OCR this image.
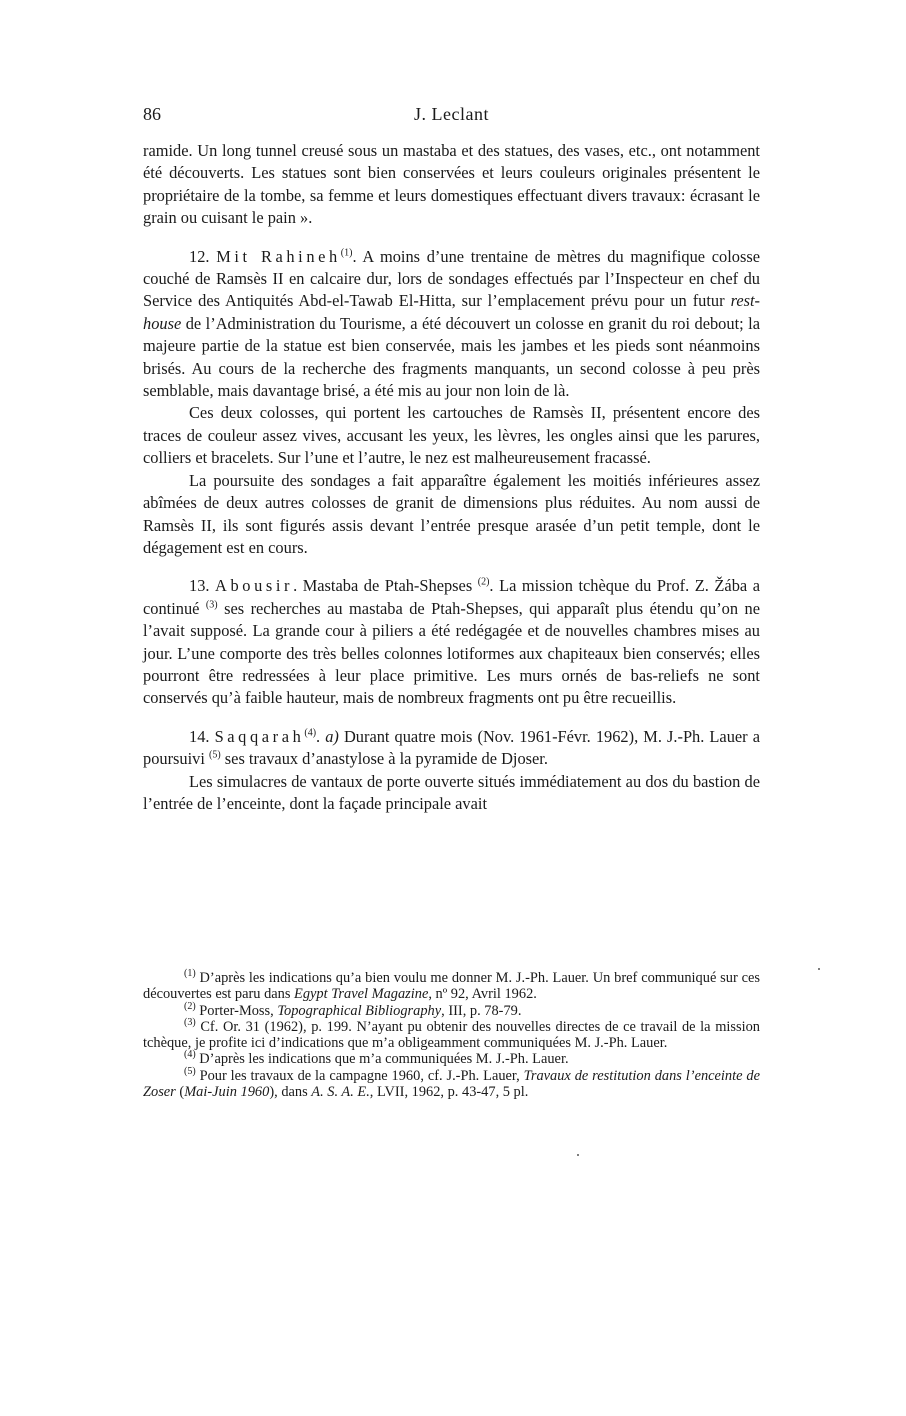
86	J. Leclant

ramide. Un long tunnel creusé sous un mastaba et des statues, des vases, etc., ont notamment été découverts. Les statues sont bien conservées et leurs couleurs originales présentent le propriétaire de la tombe, sa femme et leurs domestiques effectuant divers travaux: écrasant le grain ou cuisant le pain ».

12. Mit Rahineh$^{(1)}$. A moins d’une trentaine de mètres du magnifique colosse couché de Ramsès II en calcaire dur, lors de sondages effectués par l’Inspecteur en chef du Service des Antiquités Abd-el-Tawab El-Hitta, sur l’emplacement prévu pour un futur rest-house de l’Administration du Tourisme, a été découvert un colosse en granit du roi debout; la majeure partie de la statue est bien conservée, mais les jambes et les pieds sont néanmoins brisés. Au cours de la recherche des fragments manquants, un second colosse à peu près semblable, mais davantage brisé, a été mis au jour non loin de là.

Ces deux colosses, qui portent les cartouches de Ramsès II, présentent encore des traces de couleur assez vives, accusant les yeux, les lèvres, les ongles ainsi que les parures, colliers et bracelets. Sur l’une et l’autre, le nez est malheureusement fracassé.

La poursuite des sondages a fait apparaître également les moitiés inférieures assez abîmées de deux autres colosses de granit de dimensions plus réduites. Au nom aussi de Ramsès II, ils sont figurés assis devant l’entrée presque arasée d’un petit temple, dont le dégagement est en cours.

13. Abousir. Mastaba de Ptah-Shepses $^{(2)}$. La mission tchèque du Prof. Z. Žába a continué $^{(3)}$ ses recherches au mastaba de Ptah-Shepses, qui apparaît plus étendu qu’on ne l’avait supposé. La grande cour à piliers a été redégagée et de nouvelles chambres mises au jour. L’une comporte des très belles colonnes lotiformes aux chapiteaux bien conservés; elles pourront être redressées à leur place primitive. Les murs ornés de bas-reliefs ne sont conservés qu’à faible hauteur, mais de nombreux fragments ont pu être recueillis.

14. Saqqarah$^{(4)}$. a) Durant quatre mois (Nov. 1961-Févr. 1962), M. J.-Ph. Lauer a poursuivi $^{(5)}$ ses travaux d’anastylose à la pyramide de Djoser.

Les simulacres de vantaux de porte ouverte situés immédiatement au dos du bastion de l’entrée de l’enceinte, dont la façade principale avait

$^{(1)}$ D’après les indications qu’a bien voulu me donner M. J.-Ph. Lauer. Un bref communiqué sur ces découvertes est paru dans Egypt Travel Magazine, nº 92, Avril 1962.

$^{(2)}$ Porter-Moss, Topographical Bibliography, III, p. 78-79.

$^{(3)}$ Cf. Or. 31 (1962), p. 199. N’ayant pu obtenir des nouvelles directes de ce travail de la mission tchèque, je profite ici d’indications que m’a obligeamment communiquées M. J.-Ph. Lauer.

$^{(4)}$ D’après les indications que m’a communiquées M. J.-Ph. Lauer.

$^{(5)}$ Pour les travaux de la campagne 1960, cf. J.-Ph. Lauer, Travaux de restitution dans l’enceinte de Zoser (Mai-Juin 1960), dans A. S. A. E., LVII, 1962, p. 43-47, 5 pl.
